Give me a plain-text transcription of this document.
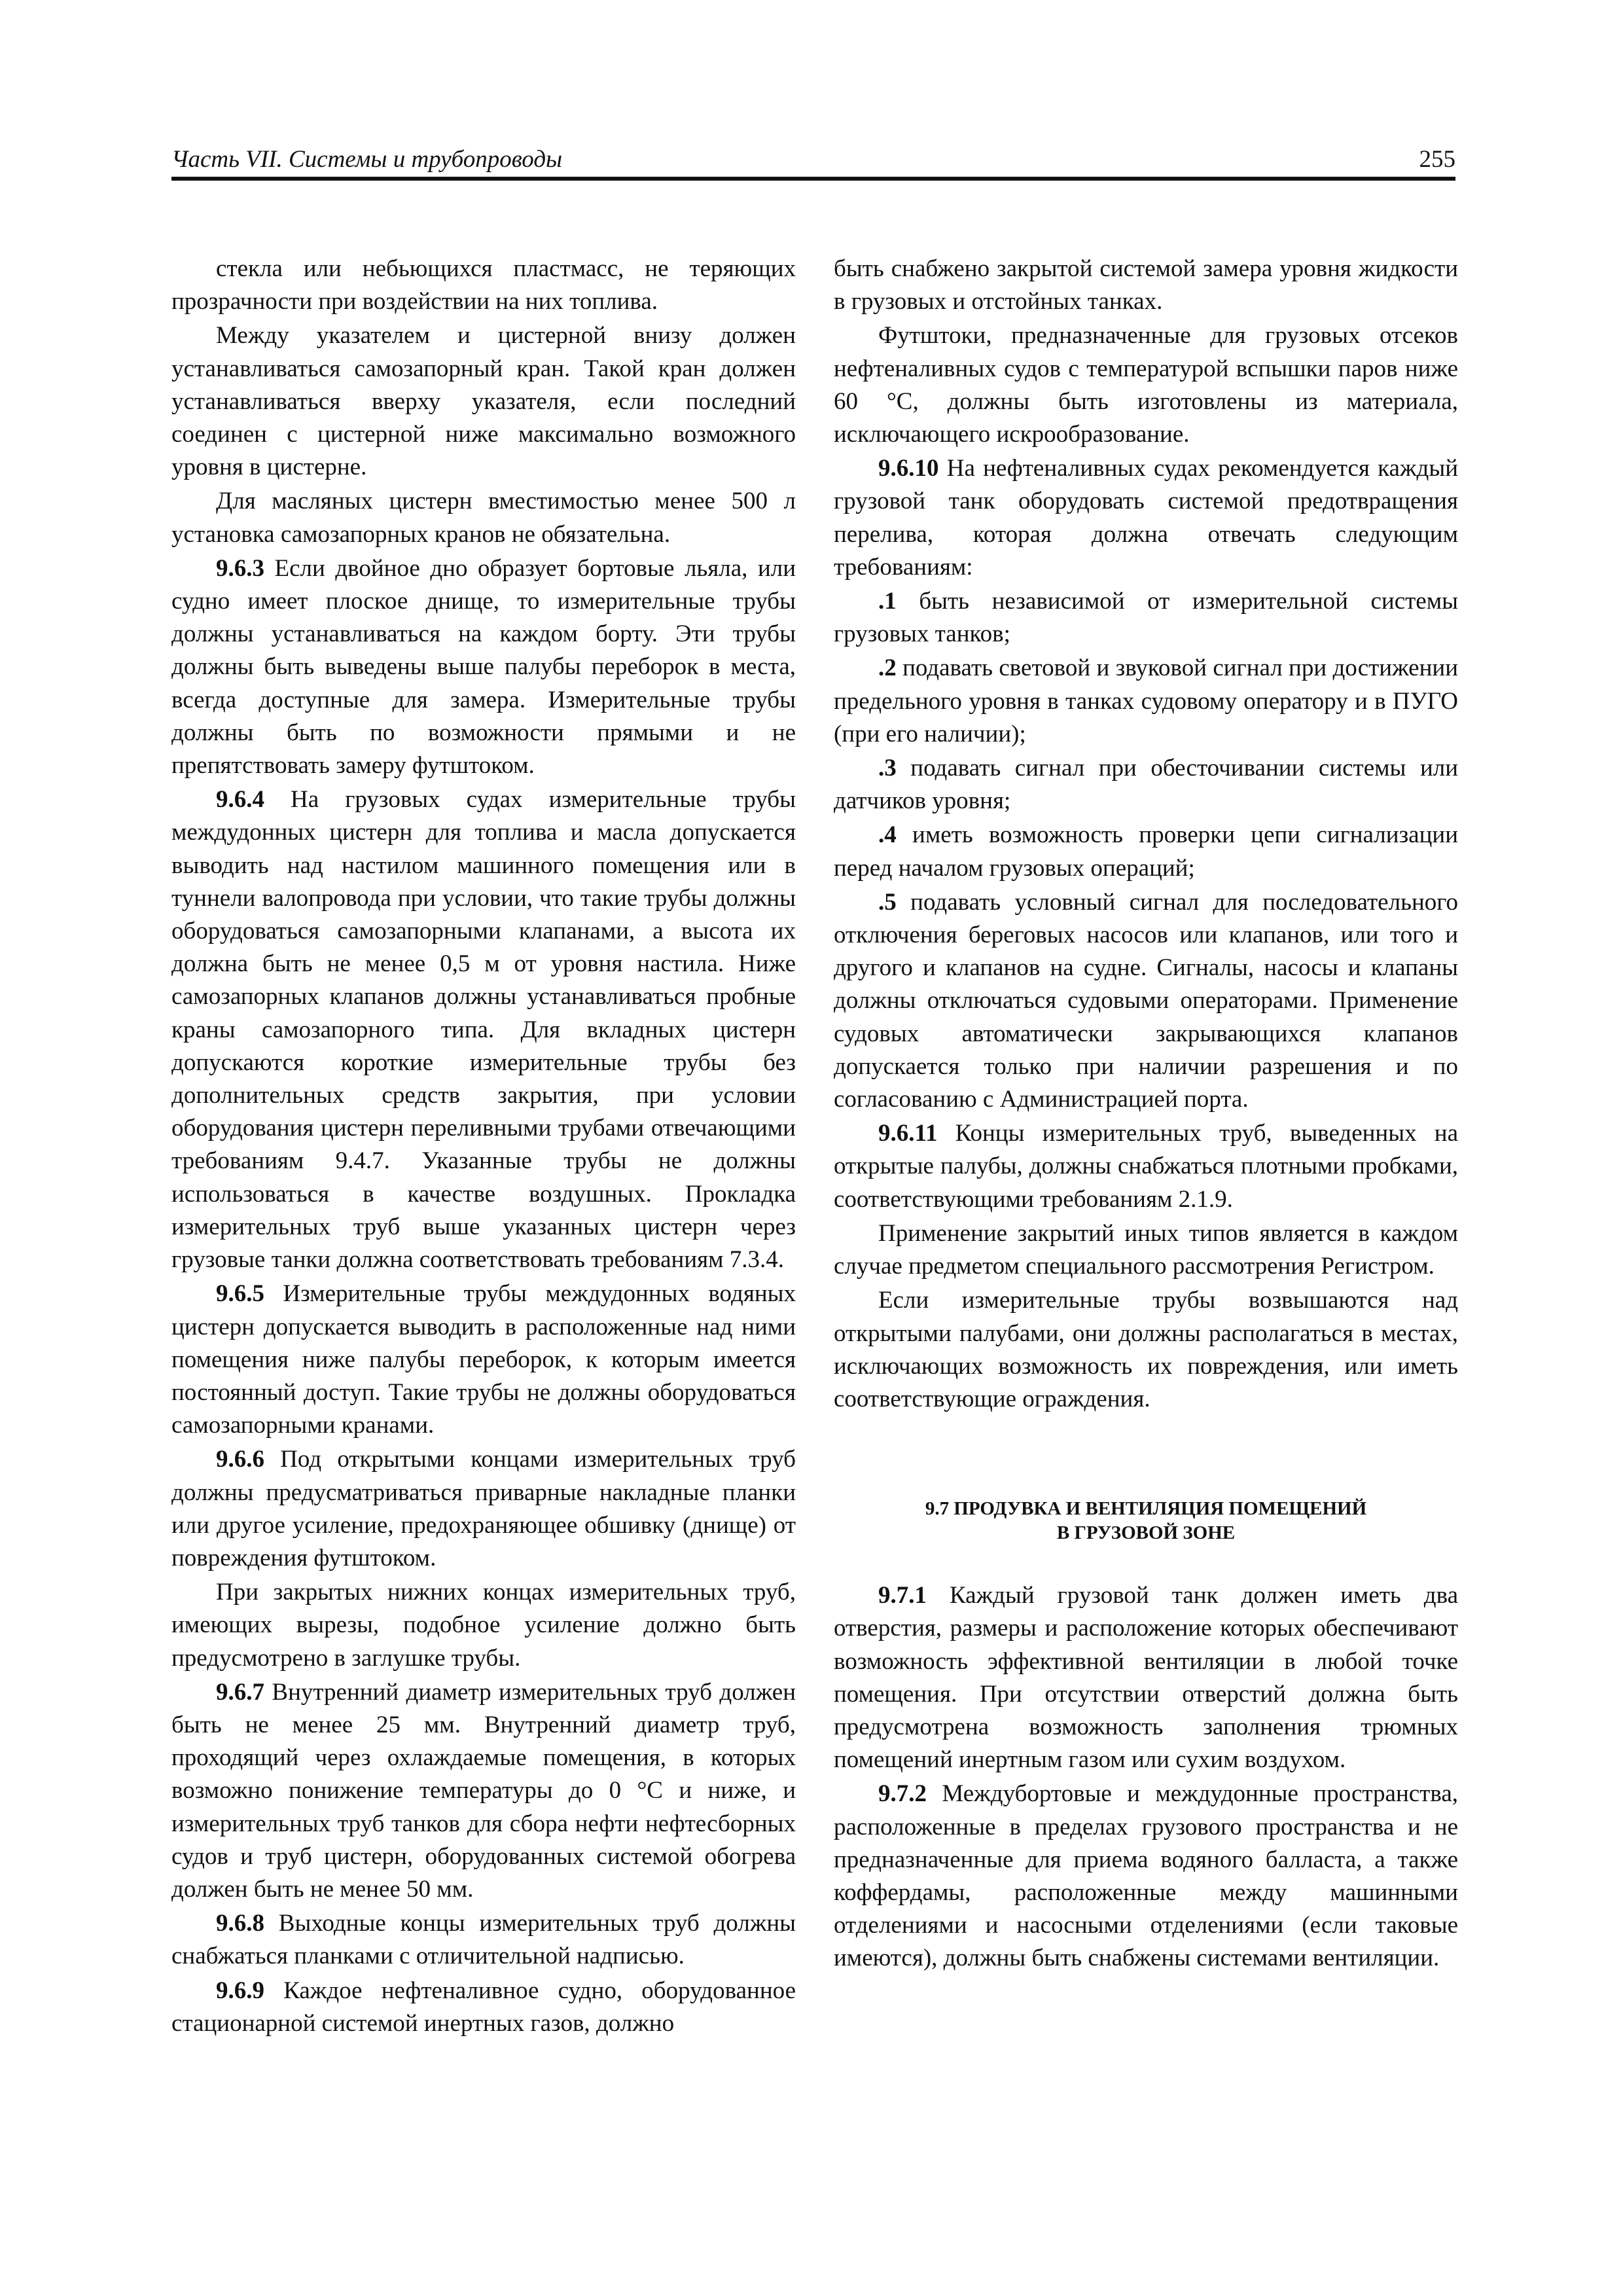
Часть VII. Системы и трубопроводы	255

стекла или небьющихся пластмасс, не теряющих прозрачности при воздействии на них топлива.

Между указателем и цистерной внизу должен устанавливаться самозапорный кран. Такой кран должен устанавливаться вверху указателя, если последний соединен с цистерной ниже максимально возможного уровня в цистерне.

Для масляных цистерн вместимостью менее 500 л установка самозапорных кранов не обязательна.

9.6.3 Если двойное дно образует бортовые льяла, или судно имеет плоское днище, то измерительные трубы должны устанавливаться на каждом борту. Эти трубы должны быть выведены выше палубы переборок в места, всегда доступные для замера. Измерительные трубы должны быть по возможности прямыми и не препятствовать замеру футштоком.

9.6.4 На грузовых судах измерительные трубы междудонных цистерн для топлива и масла допускается выводить над настилом машинного помещения или в туннели валопровода при условии, что такие трубы должны оборудоваться самозапорными клапанами, а высота их должна быть не менее 0,5 м от уровня настила. Ниже самозапорных клапанов должны устанавливаться пробные краны самозапорного типа. Для вкладных цистерн допускаются короткие измерительные трубы без дополнительных средств закрытия, при условии оборудования цистерн переливными трубами отвечающими требованиям 9.4.7. Указанные трубы не должны использоваться в качестве воздушных. Прокладка измерительных труб выше указанных цистерн через грузовые танки должна соответствовать требованиям 7.3.4.

9.6.5 Измерительные трубы междудонных водяных цистерн допускается выводить в расположенные над ними помещения ниже палубы переборок, к которым имеется постоянный доступ. Такие трубы не должны оборудоваться самозапорными кранами.

9.6.6 Под открытыми концами измерительных труб должны предусматриваться приварные накладные планки или другое усиление, предохраняющее обшивку (днище) от повреждения футштоком.

При закрытых нижних концах измерительных труб, имеющих вырезы, подобное усиление должно быть предусмотрено в заглушке трубы.

9.6.7 Внутренний диаметр измерительных труб должен быть не менее 25 мм. Внутренний диаметр труб, проходящий через охлаждаемые помещения, в которых возможно понижение температуры до 0 °С и ниже, и измерительных труб танков для сбора нефти нефтесборных судов и труб цистерн, оборудованных системой обогрева должен быть не менее 50 мм.

9.6.8 Выходные концы измерительных труб должны снабжаться планками с отличительной надписью.

9.6.9 Каждое нефтеналивное судно, оборудованное стационарной системой инертных газов, должно

быть снабжено закрытой системой замера уровня жидкости в грузовых и отстойных танках.

Футштоки, предназначенные для грузовых отсеков нефтеналивных судов с температурой вспышки паров ниже 60 °С, должны быть изготовлены из материала, исключающего искрообразование.

9.6.10 На нефтеналивных судах рекомендуется каждый грузовой танк оборудовать системой предотвращения перелива, которая должна отвечать следующим требованиям:

.1 быть независимой от измерительной системы грузовых танков;

.2 подавать световой и звуковой сигнал при достижении предельного уровня в танках судовому оператору и в ПУГО (при его наличии);

.3 подавать сигнал при обесточивании системы или датчиков уровня;

.4 иметь возможность проверки цепи сигнализации перед началом грузовых операций;

.5 подавать условный сигнал для последовательного отключения береговых насосов или клапанов, или того и другого и клапанов на судне. Сигналы, насосы и клапаны должны отключаться судовыми операторами. Применение судовых автоматически закрывающихся клапанов допускается только при наличии разрешения и по согласованию с Администрацией порта.

9.6.11 Концы измерительных труб, выведенных на открытые палубы, должны снабжаться плотными пробками, соответствующими требованиям 2.1.9.

Применение закрытий иных типов является в каждом случае предметом специального рассмотрения Регистром.

Если измерительные трубы возвышаются над открытыми палубами, они должны располагаться в местах, исключающих возможность их повреждения, или иметь соответствующие ограждения.

9.7 ПРОДУВКА И ВЕНТИЛЯЦИЯ ПОМЕЩЕНИЙ
В ГРУЗОВОЙ ЗОНЕ

9.7.1 Каждый грузовой танк должен иметь два отверстия, размеры и расположение которых обеспечивают возможность эффективной вентиляции в любой точке помещения. При отсутствии отверстий должна быть предусмотрена возможность заполнения трюмных помещений инертным газом или сухим воздухом.

9.7.2 Междубортовые и междудонные пространства, расположенные в пределах грузового пространства и не предназначенные для приема водяного балласта, а также коффердамы, расположенные между машинными отделениями и насосными отделениями (если таковые имеются), должны быть снабжены системами вентиляции.
